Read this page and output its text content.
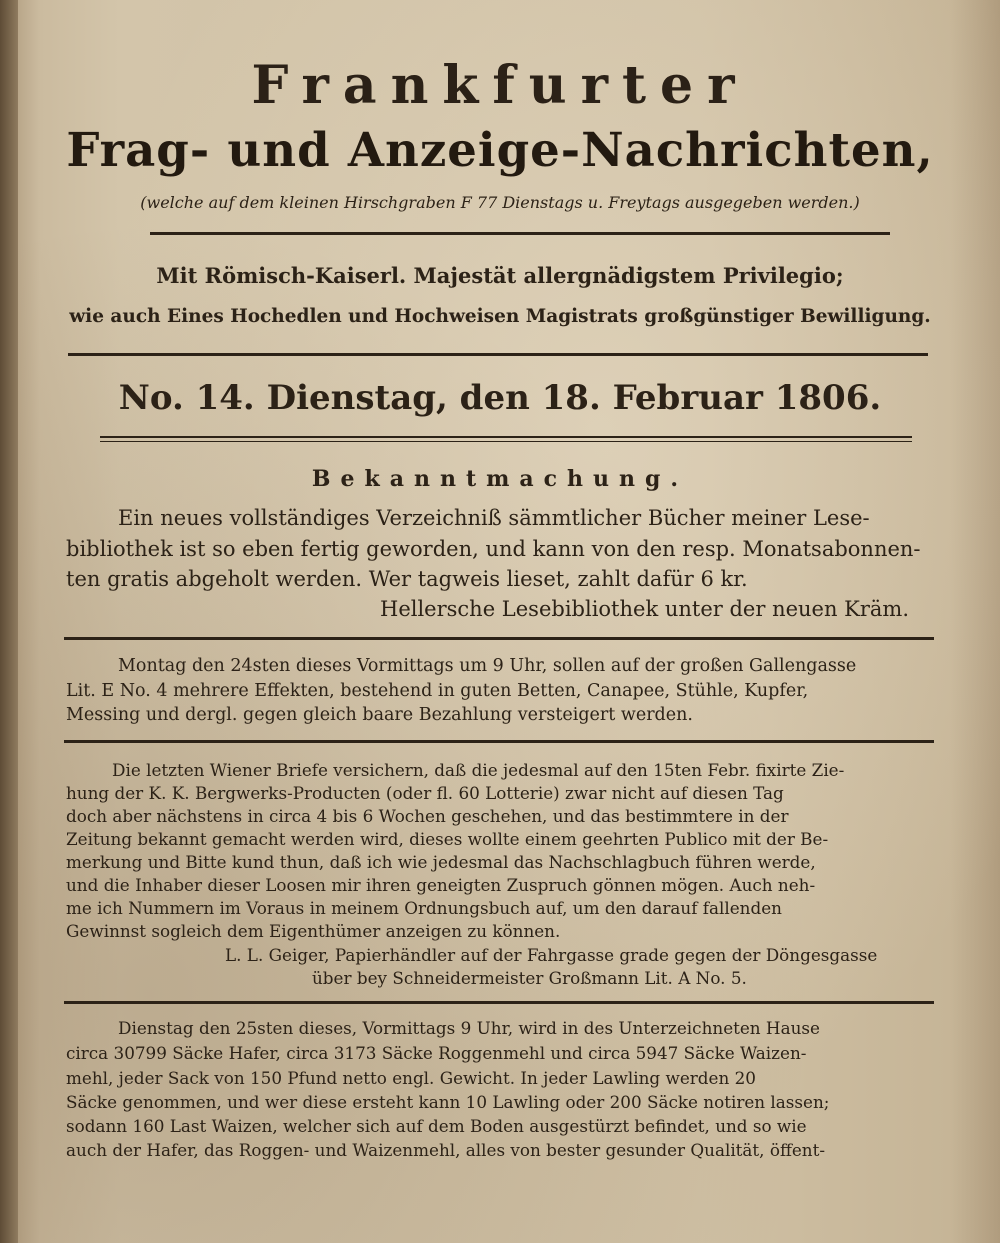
Frankfurter
Frag- und Anzeige-Nachrichten,
(welche auf dem kleinen Hirschgraben F 77 Dienstags u. Freytags ausgegeben werden.)
Mit Römisch-Kaiserl. Majestät allergnädigstem Privilegio;
wie auch Eines Hochedlen und Hochweisen Magistrats großgünstiger Bewilligung.
No. 14. Dienstag, den 18. Februar 1806.
Bekanntmachung.
Ein neues vollständiges Verzeichniß sämmtlicher Bücher meiner Lese-
bibliothek ist so eben fertig geworden, und kann von den resp. Monatsabonnen-
ten gratis abgeholt werden. Wer tagweis lieset, zahlt dafür 6 kr.
Hellersche Lesebibliothek unter der neuen Kräm.
Montag den 24sten dieses Vormittags um 9 Uhr, sollen auf der großen Gallengasse
Lit. E No. 4 mehrere Effekten, bestehend in guten Betten, Canapee, Stühle, Kupfer,
Messing und dergl. gegen gleich baare Bezahlung versteigert werden.
Die letzten Wiener Briefe versichern, daß die jedesmal auf den 15ten Febr. fixirte Zie-
hung der K. K. Bergwerks-Producten (oder fl. 60 Lotterie) zwar nicht auf diesen Tag
doch aber nächstens in circa 4 bis 6 Wochen geschehen, und das bestimmtere in der
Zeitung bekannt gemacht werden wird, dieses wollte einem geehrten Publico mit der Be-
merkung und Bitte kund thun, daß ich wie jedesmal das Nachschlagbuch führen werde,
und die Inhaber dieser Loosen mir ihren geneigten Zuspruch gönnen mögen. Auch neh-
me ich Nummern im Voraus in meinem Ordnungsbuch auf, um den darauf fallenden
Gewinnst sogleich dem Eigenthümer anzeigen zu können.
L. L. Geiger, Papierhändler auf der Fahrgasse grade gegen der Döngesgasse
über bey Schneidermeister Großmann Lit. A No. 5.
Dienstag den 25sten dieses, Vormittags 9 Uhr, wird in des Unterzeichneten Hause
circa 30799 Säcke Hafer, circa 3173 Säcke Roggenmehl und circa 5947 Säcke Waizen-
mehl, jeder Sack von 150 Pfund netto engl. Gewicht. In jeder Lawling werden 20
Säcke genommen, und wer diese ersteht kann 10 Lawling oder 200 Säcke notiren lassen;
sodann 160 Last Waizen, welcher sich auf dem Boden ausgestürzt befindet, und so wie
auch der Hafer, das Roggen- und Waizenmehl, alles von bester gesunder Qualität, öffent-
